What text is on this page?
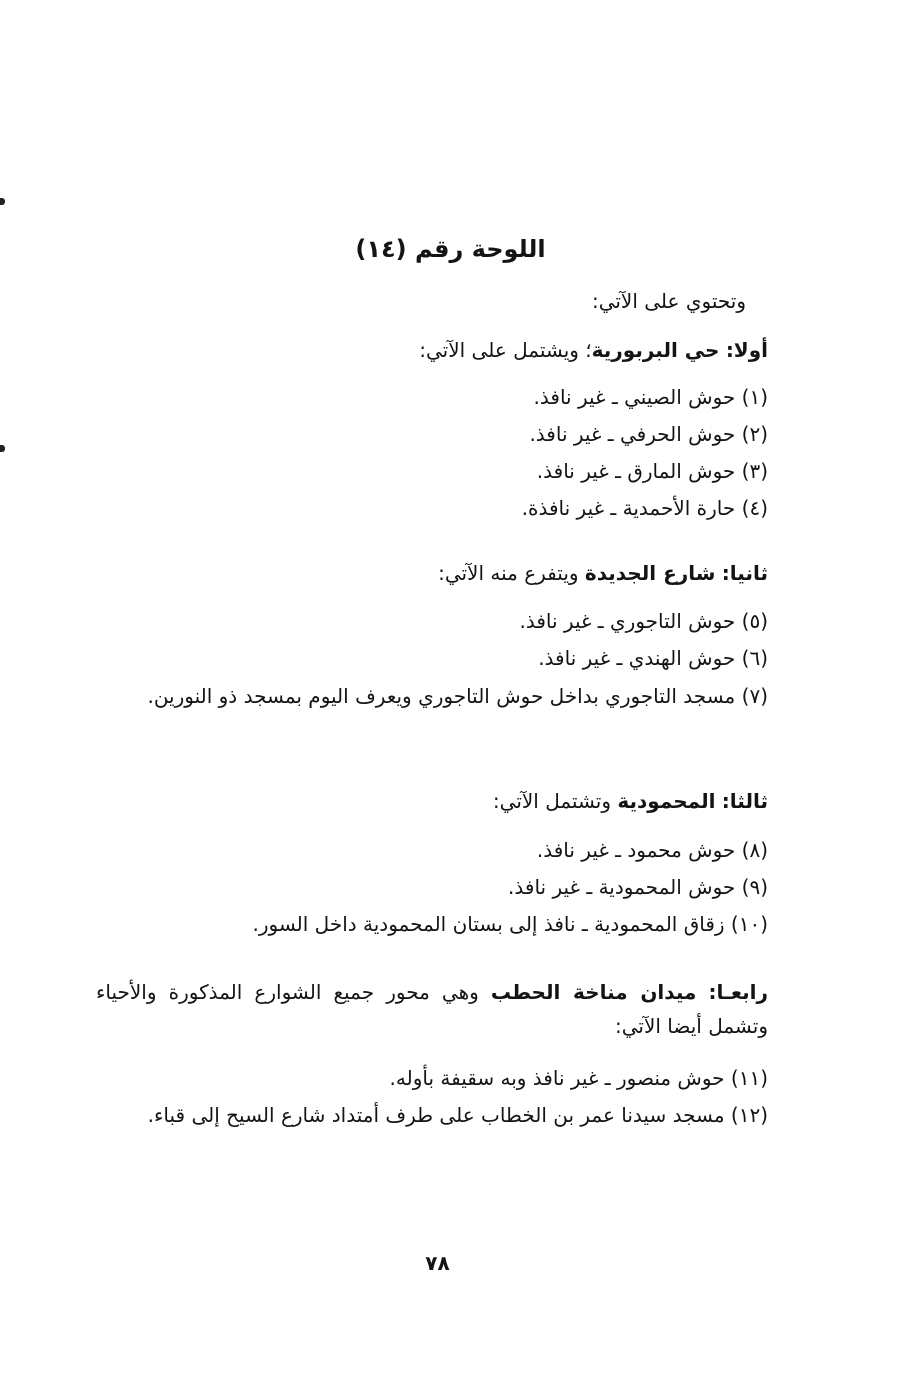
اللوحة رقم (١٤)
وتحتوي على الآتي:
أولا: حي البربورية؛ ويشتمل على الآتي:
(١) حوش الصيني ـ غير نافذ.
(٢) حوش الحرفي ـ غير نافذ.
(٣) حوش المارق ـ غير نافذ.
(٤) حارة الأحمدية ـ غير نافذة.
ثانيا: شارع الجديدة ويتفرع منه الآتي:
(٥) حوش التاجوري ـ غير نافذ.
(٦) حوش الهندي ـ غير نافذ.
(٧) مسجد التاجوري بداخل حوش التاجوري ويعرف اليوم بمسجد ذو النورين.
ثالثا: المحمودية وتشتمل الآتي:
(٨) حوش محمود ـ غير نافذ.
(٩) حوش المحمودية ـ غير نافذ.
(١٠) زقاق المحمودية ـ نافذ إلى بستان المحمودية داخل السور.
رابعـا: ميدان مناخة الحطب وهي محور جميع الشوارع المذكورة والأحياء وتشمل أيضا الآتي:
(١١) حوش منصور ـ غير نافذ وبه سقيفة بأوله.
(١٢) مسجد سيدنا عمر بن الخطاب على طرف أمتداد شارع السيح إلى قباء.
٧٨
